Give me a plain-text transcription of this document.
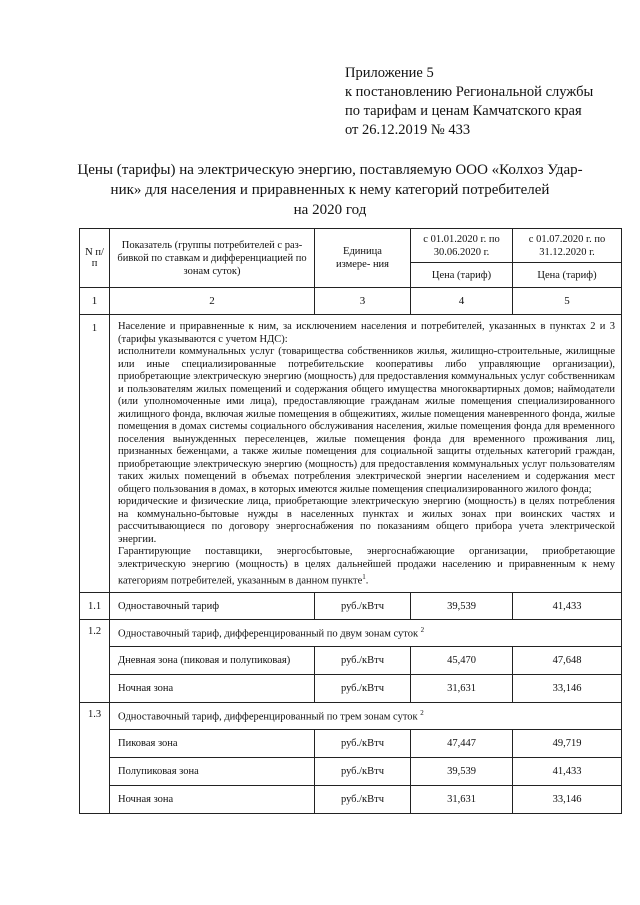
Приложение 5
к постановлению Региональной службы
по тарифам и ценам Камчатского края
от 26.12.2019 № 433
Цены (тарифы) на электрическую энергию, поставляемую ООО «Колхоз Удар-
ник» для населения и приравненных к нему категорий потребителей
на 2020 год
N п/п	Показатель (группы потребителей с раз- бивкой по ставкам и дифференциацией по зонам суток)	Единица измере- ния	с 01.01.2020 г. по 30.06.2020 г.	с 01.07.2020 г. по 31.12.2020 г.
			Цена (тариф)	Цена (тариф)
1	2	3	4	5
1	Население и приравненные к ним, за исключением населения и потребителей, указанных в пунктах 2 и 3 (тарифы указываются с учетом НДС):

исполнители коммунальных услуг (товарищества собственников жилья, жилищно-строительные, жилищные или иные специализированные потребительские кооперативы либо управляющие организации), приобретающие электрическую энергию (мощность) для предоставления коммунальных услуг собственникам и пользователям жилых помещений и содержания общего имущества многоквартирных домов; наймодатели (или уполномоченные ими лица), предоставляющие гражданам жилые помещения специализированного жилищного фонда, включая жилые помещения в общежитиях, жилые помещения маневренного фонда, жилые помещения в домах системы социального обслуживания населения, жилые помещения фонда для временного поселения вынужденных переселенцев, жилые помещения фонда для временного проживания лиц, признанных беженцами, а также жилые помещения для социальной защиты отдельных категорий граждан, приобретающие электрическую энергию (мощность) для предоставления коммунальных услуг пользователям таких жилых помещений в объемах потребления электрической энергии населением и содержания мест общего пользования в домах, в которых имеются жилые помещения специализированного жилого фонда;

юридические и физические лица, приобретающие электрическую энергию (мощность) в целях потребления на коммунально-бытовые нужды в населенных пунктах и жилых зонах при воинских частях и рассчитывающиеся по договору энергоснабжения по показаниям общего прибора учета электрической энергии.

Гарантирующие поставщики, энергосбытовые, энергоснабжающие организации, приобретающие электрическую энергию (мощность) в целях дальнейшей продажи населению и приравненным к нему категориям потребителей, указанным в данном пункте$^1$.			

1.1	Одноставочный тариф	руб./кВтч	39,539	41,433
1.2	Одноставочный тариф, дифференцированный по двум зонам суток $^2$
	Дневная зона (пиковая и полупиковая)	руб./кВтч	45,470	47,648
	Ночная зона	руб./кВтч	31,631	33,146
1.3	Одноставочный тариф, дифференцированный по трем зонам суток $^2$
	Пиковая зона	руб./кВтч	47,447	49,719
	Полупиковая зона	руб./кВтч	39,539	41,433
	Ночная зона	руб./кВтч	31,631	33,146
